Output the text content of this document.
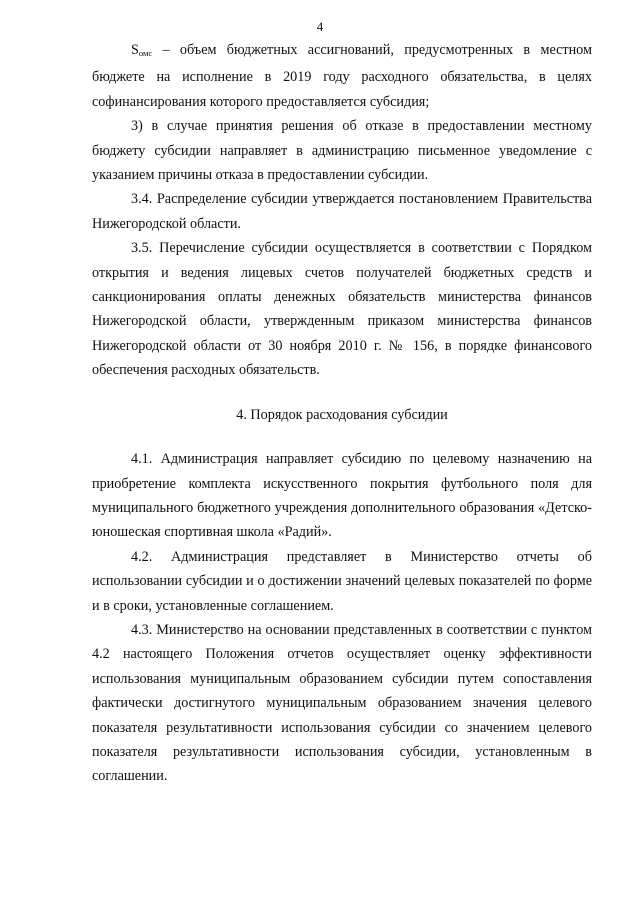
4

$S_{омс}$ – объем бюджетных ассигнований, предусмотренных в местном бюджете на исполнение в 2019 году расходного обязательства, в целях софинансирования которого предоставляется субсидия;

3) в случае принятия решения об отказе в предоставлении местному бюджету субсидии направляет в администрацию письменное уведомление с указанием причины отказа в предоставлении субсидии.

3.4. Распределение субсидии утверждается постановлением Правительства Нижегородской области.

3.5. Перечисление субсидии осуществляется в соответствии с Порядком открытия и ведения лицевых счетов получателей бюджетных средств и санкционирования оплаты денежных обязательств министерства финансов Нижегородской области, утвержденным приказом министерства финансов Нижегородской области от 30 ноября 2010 г. № 156, в порядке финансового обеспечения расходных обязательств.

4. Порядок расходования субсидии

4.1. Администрация направляет субсидию по целевому назначению на приобретение комплекта искусственного покрытия футбольного поля для муниципального бюджетного учреждения дополнительного образования «Детско-юношеская спортивная школа «Радий».

4.2. Администрация представляет в Министерство отчеты об использовании субсидии и о достижении значений целевых показателей по форме и в сроки, установленные соглашением.

4.3. Министерство на основании представленных в соответствии с пунктом 4.2 настоящего Положения отчетов осуществляет оценку эффективности использования муниципальным образованием субсидии путем сопоставления фактически достигнутого муниципальным образованием значения целевого показателя результативности использования субсидии со значением целевого показателя результативности использования субсидии, установленным в соглашении.
